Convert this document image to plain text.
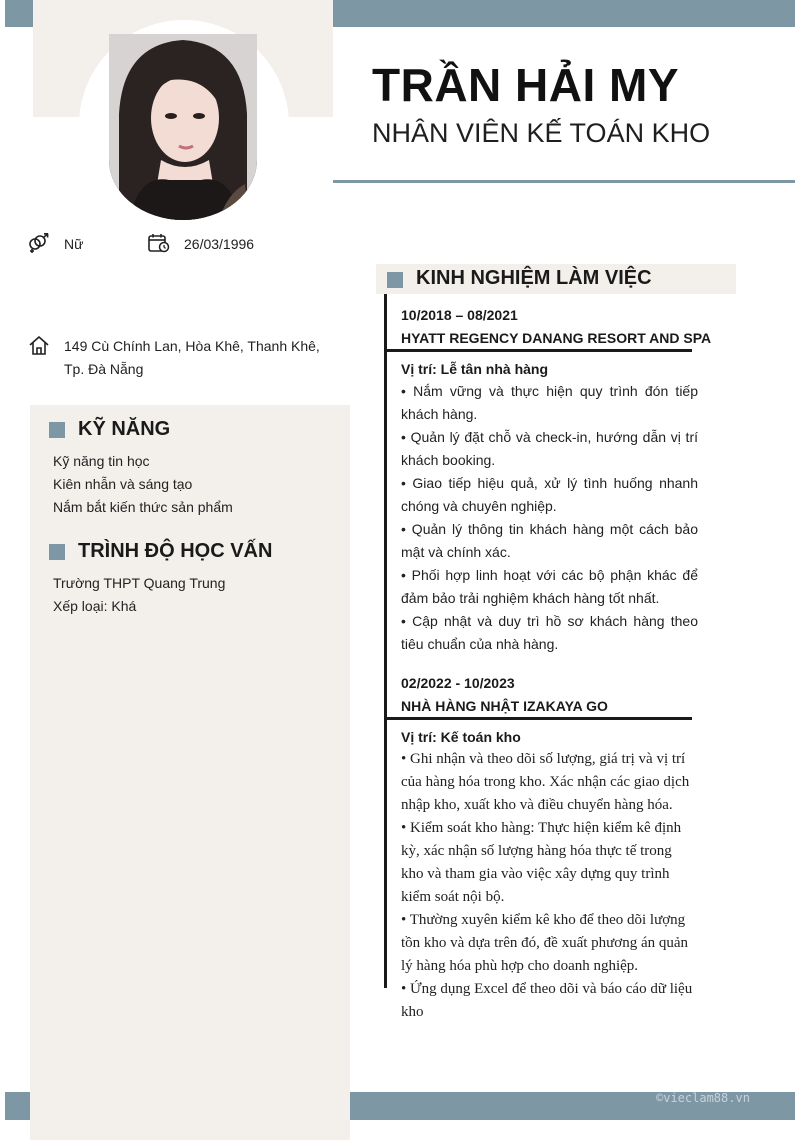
TRẦN HẢI MY
NHÂN VIÊN KẾ TOÁN KHO
Nữ	26/03/1996
149 Cù Chính Lan, Hòa Khê, Thanh Khê,
Tp. Đà Nẵng
KỸ NĂNG
Kỹ năng tin học
Kiên nhẫn và sáng tạo
Nắm bắt kiến thức sản phẩm
TRÌNH ĐỘ HỌC VẤN
Trường THPT Quang Trung
Xếp loại: Khá
KINH NGHIỆM LÀM VIỆC
10/2018 – 08/2021
HYATT REGENCY DANANG RESORT AND SPA
Vị trí: Lễ tân nhà hàng

• Nắm vững và thực hiện quy trình đón tiếp khách hàng.

• Quản lý đặt chỗ và check-in, hướng dẫn vị trí khách booking.

• Giao tiếp hiệu quả, xử lý tình huống nhanh chóng và chuyên nghiệp.

• Quản lý thông tin khách hàng một cách bảo mật và chính xác.

• Phối hợp linh hoạt với các bộ phận khác để đảm bảo trải nghiệm khách hàng tốt nhất.

• Cập nhật và duy trì hồ sơ khách hàng theo tiêu chuẩn của nhà hàng.

02/2022 - 10/2023
NHÀ HÀNG NHẬT IZAKAYA GO
Vị trí: Kế toán kho

• Ghi nhận và theo dõi số lượng, giá trị và vị trí của hàng hóa trong kho. Xác nhận các giao dịch nhập kho, xuất kho và điều chuyển hàng hóa.

• Kiểm soát kho hàng: Thực hiện kiểm kê định kỳ, xác nhận số lượng hàng hóa thực tế trong kho và tham gia vào việc xây dựng quy trình kiểm soát nội bộ.

• Thường xuyên kiểm kê kho để theo dõi lượng tồn kho và dựa trên đó, đề xuất phương án quản lý hàng hóa phù hợp cho doanh nghiệp.

• Ứng dụng Excel để theo dõi và báo cáo dữ liệu kho

©vieclam88.vn
